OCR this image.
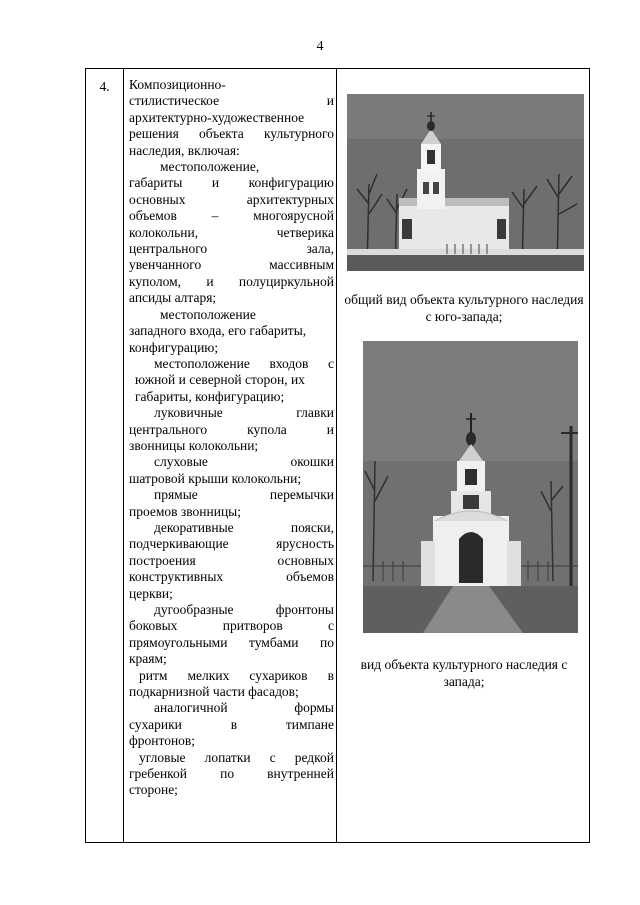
4
4.	Композиционно-

стилистическое и

архитектурно-художественное

решения объекта культурного

наследия, включая:

местоположение,

габариты и конфигурацию

основных архитектурных

объемов – многоярусной

колокольни, четверика

центрального зала,

увенчанного массивным

куполом, и полуциркульной

апсиды алтаря;

местоположение

западного входа, его габариты,

конфигурацию;

местоположение входов с

южной и северной сторон, их

габариты, конфигурацию;

луковичные главки

центрального купола и

звонницы колокольни;

слуховые окошки

шатровой крыши колокольни;

прямые перемычки

проемов звонницы;

декоративные пояски,

подчеркивающие ярусность

построения основных

конструктивных объемов

церкви;

дугообразные фронтоны

боковых притворов с

прямоугольными тумбами по

краям;

ритм мелких сухариков в

подкарнизной части фасадов;

аналогичной формы

сухарики в тимпане

фронтонов;

угловые лопатки с редкой

гребенкой по внутренней

стороне;

общий вид объекта культурного наследия
с юго-запада;
вид объекта культурного наследия с
запада;
